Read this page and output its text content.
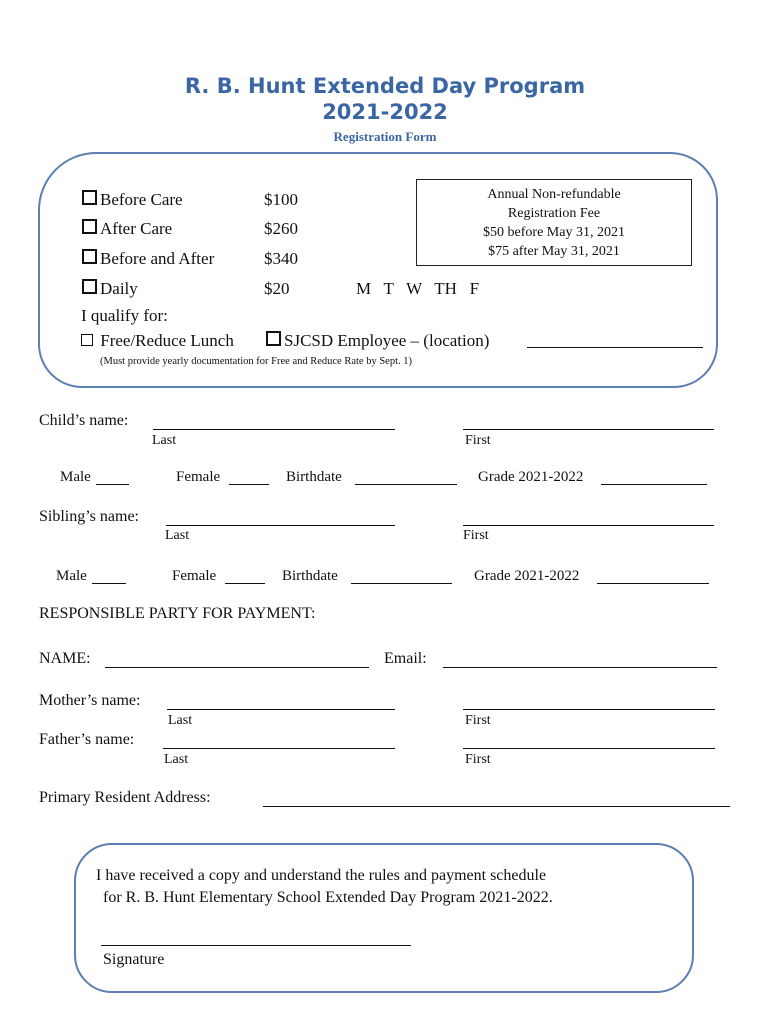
R. B. Hunt Extended Day Program
2021-2022
Registration Form
Before Care	$100
After Care	$260
Before and After	$340
Daily	$20	M   T   W   TH   F
Annual Non-refundable
Registration Fee
$50 before May 31, 2021
$75 after May 31, 2021
I qualify for:
Free/Reduce Lunch	SJCSD Employee – (location)
(Must provide yearly documentation for Free and Reduce Rate by Sept. 1)
Child’s name:
Last	First
Male	Female	Birthdate	Grade 2021-2022
Sibling’s name:
Last	First
Male	Female	Birthdate	Grade 2021-2022
RESPONSIBLE PARTY FOR PAYMENT:
NAME:	Email:
Mother’s name:
Last	First
Father’s name:
Last	First
Primary Resident Address:
I have received a copy and understand the rules and payment schedule
for R. B. Hunt Elementary School Extended Day Program 2021-2022.
Signature
